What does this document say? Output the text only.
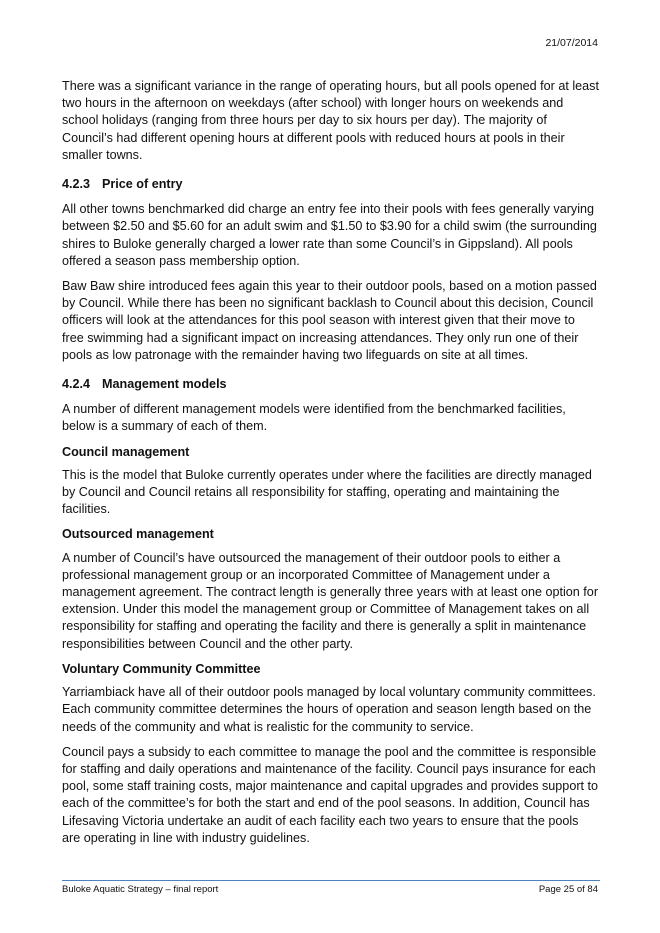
21/07/2014

There was a significant variance in the range of operating hours, but all pools opened for at least two hours in the afternoon on weekdays (after school) with longer hours on weekends and school holidays (ranging from three hours per day to six hours per day). The majority of Council’s had different opening hours at different pools with reduced hours at pools in their smaller towns.

4.2.3 Price of entry

All other towns benchmarked did charge an entry fee into their pools with fees generally varying between $2.50 and $5.60 for an adult swim and $1.50 to $3.90 for a child swim (the surrounding shires to Buloke generally charged a lower rate than some Council’s in Gippsland). All pools offered a season pass membership option.

Baw Baw shire introduced fees again this year to their outdoor pools, based on a motion passed by Council. While there has been no significant backlash to Council about this decision, Council officers will look at the attendances for this pool season with interest given that their move to free swimming had a significant impact on increasing attendances. They only run one of their pools as low patronage with the remainder having two lifeguards on site at all times.

4.2.4 Management models

A number of different management models were identified from the benchmarked facilities, below is a summary of each of them.

Council management

This is the model that Buloke currently operates under where the facilities are directly managed by Council and Council retains all responsibility for staffing, operating and maintaining the facilities.

Outsourced management

A number of Council’s have outsourced the management of their outdoor pools to either a professional management group or an incorporated Committee of Management under a management agreement. The contract length is generally three years with at least one option for extension. Under this model the management group or Committee of Management takes on all responsibility for staffing and operating the facility and there is generally a split in maintenance responsibilities between Council and the other party.

Voluntary Community Committee

Yarriambiack have all of their outdoor pools managed by local voluntary community committees. Each community committee determines the hours of operation and season length based on the needs of the community and what is realistic for the community to service.

Council pays a subsidy to each committee to manage the pool and the committee is responsible for staffing and daily operations and maintenance of the facility. Council pays insurance for each pool, some staff training costs, major maintenance and capital upgrades and provides support to each of the committee’s for both the start and end of the pool seasons. In addition, Council has Lifesaving Victoria undertake an audit of each facility each two years to ensure that the pools are operating in line with industry guidelines.

Buloke Aquatic Strategy – final report	Page 25 of 84
